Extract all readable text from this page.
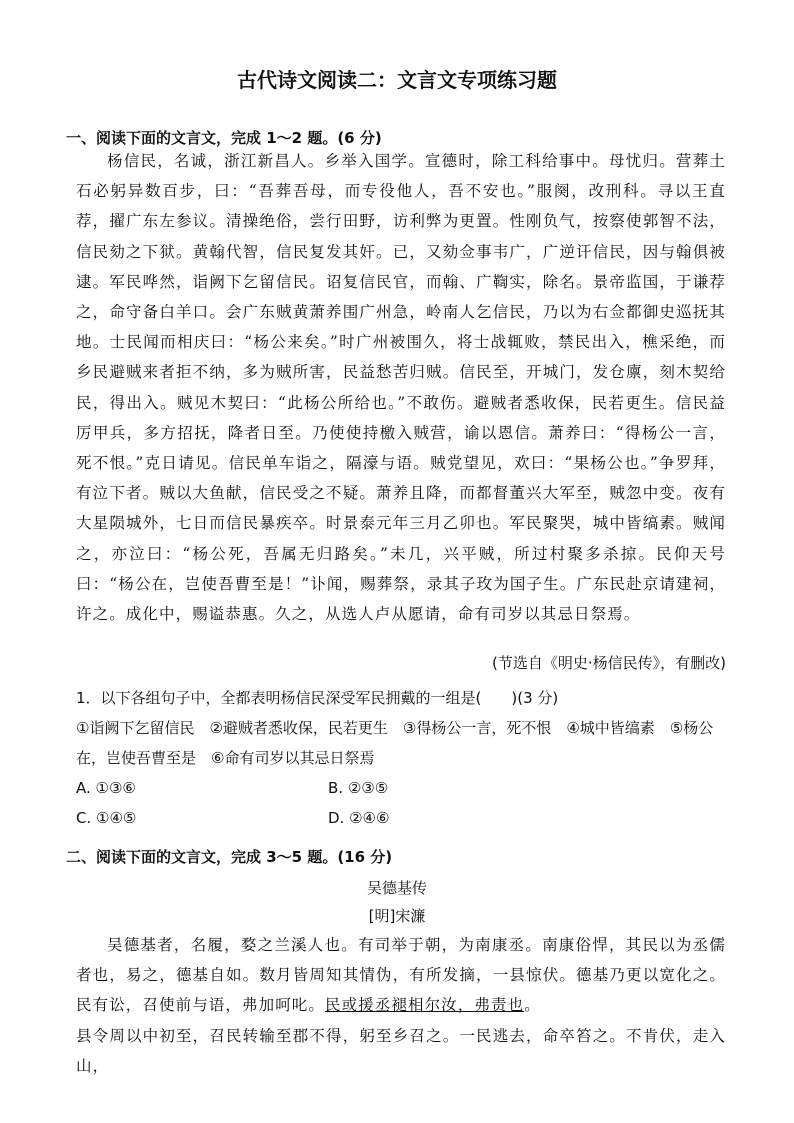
古代诗文阅读二：文言文专项练习题
一、阅读下面的文言文，完成 1～2 题。(6 分)

杨信民，名诚，浙江新昌人。乡举入国学。宣德时，除工科给事中。母忧归。营葬土石必躬异数百步，曰：“吾葬吾母，而专役他人，吾不安也。”服阕，改刑科。寻以王直荐，擢广东左参议。清操绝俗，尝行田野，访利弊为更置。性刚负气，按察使郭智不法，信民劾之下狱。黄翰代智，信民复发其奸。已，又劾佥事韦广，广逆讦信民，因与翰俱被逮。军民哗然，诣阙下乞留信民。诏复信民官，而翰、广鞫实，除名。景帝监国，于谦荐之，命守备白羊口。会广东贼黄萧养围广州急，岭南人乞信民，乃以为右佥都御史巡抚其地。士民闻而相庆曰：“杨公来矣。”时广州被围久，将士战辄败，禁民出入，樵采绝，而乡民避贼来者拒不纳，多为贼所害，民益愁苦归贼。信民至，开城门，发仓廪，刻木契给民，得出入。贼见木契曰：“此杨公所给也。”不敢伤。避贼者悉收保，民若更生。信民益厉甲兵，多方招抚，降者日至。乃使使持檄入贼营，谕以恩信。萧养曰：“得杨公一言，死不恨。”克日请见。信民单车诣之，隔濠与语。贼党望见，欢曰：“果杨公也。”争罗拜，有泣下者。贼以大鱼献，信民受之不疑。萧养且降，而都督董兴大军至，贼忽中变。夜有大星陨城外，七日而信民暴疾卒。时景泰元年三月乙卯也。军民聚哭，城中皆缟素。贼闻之，亦泣曰：“杨公死，吾属无归路矣。”未几，兴平贼，所过村聚多杀掠。民仰天号曰：“杨公在，岂使吾曹至是！”讣闻，赐葬祭，录其子玫为国子生。广东民赴京请建祠，许之。成化中，赐谥恭惠。久之，从选人卢从愿请，命有司岁以其忌日祭焉。

(节选自《明史·杨信民传》，有删改)
1．以下各组句子中，全都表明杨信民深受军民拥戴的一组是(　　)(3 分)
①诣阙下乞留信民　②避贼者悉收保，民若更生　③得杨公一言，死不恨　④城中皆缟素　⑤杨公在，岂使吾曹至是　⑥命有司岁以其忌日祭焉
A. ①③⑥	B. ②③⑤
C. ①④⑤	D. ②④⑥
二、阅读下面的文言文，完成 3～5 题。(16 分)
吴德基传
[明]宋濂

吴德基者，名履，婺之兰溪人也。有司举于朝，为南康丞。南康俗悍，其民以为丞儒者也，易之，德基自如。数月皆周知其情伪，有所发摘，一县惊伏。德基乃更以宽化之。民有讼，召使前与语，弗加呵叱。民或援丞褪相尔汝，弗责也。

县令周以中初至，召民转输至郡不得，躬至乡召之。一民逃去，命卒笞之。不肯伏，走入山，
